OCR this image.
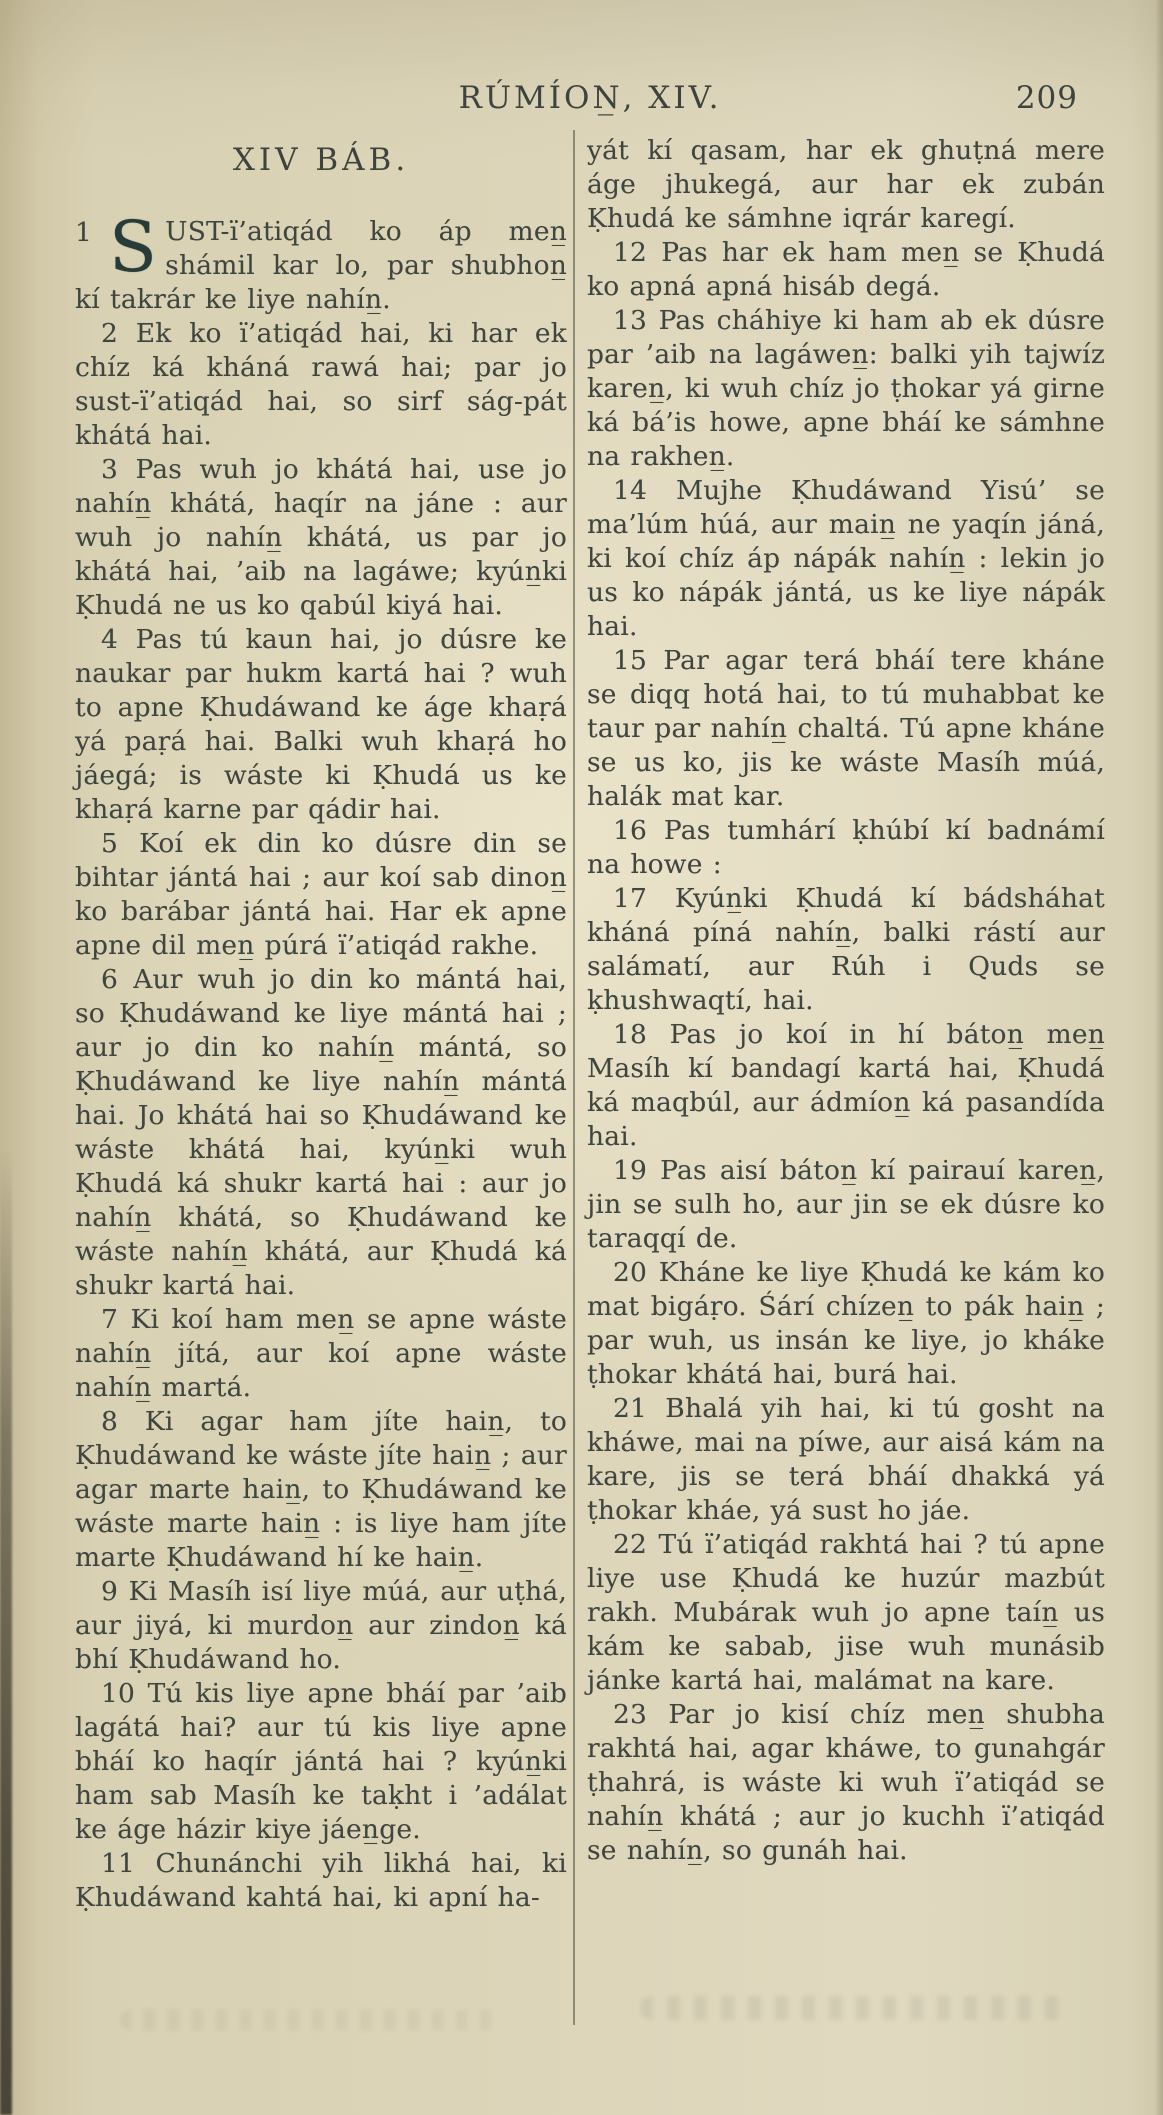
RÚMÍON̲, XIV.	209
XIV BÁB.

1 S UST-ï’atiqád ko áp men̲ shámil kar lo, par shubhon̲ kí takrár ke liye nahín̲.

2 Ek ko ï’atiqád hai, ki har ek chíz ká kháná rawá hai; par jo sust-ï’atiqád hai, so sirf ság-pát khátá hai.

3 Pas wuh jo khátá hai, use jo nahín̲ khátá, haqír na jáne : aur wuh jo nahín̲ khátá, us par jo khátá hai, ’aib na lagáwe; kyún̲ki Ḳhudá ne us ko qabúl kiyá hai.

4 Pas tú kaun hai, jo dúsre ke naukar par hukm kartá hai ? wuh to apne Ḳhudáwand ke áge khaṛá yá paṛá hai. Balki wuh khaṛá ho jáegá; is wáste ki Ḳhudá us ke khaṛá karne par qádir hai.

5 Koí ek din ko dúsre din se bihtar jántá hai ; aur koí sab dinon̲ ko barábar jántá hai. Har ek apne apne dil men̲ púrá ï’atiqád rakhe.

6 Aur wuh jo din ko mántá hai, so Ḳhudáwand ke liye mántá hai ; aur jo din ko nahín̲ mántá, so Ḳhudáwand ke liye nahín̲ mántá hai. Jo khátá hai so Ḳhudáwand ke wáste khátá hai, kyún̲ki wuh Ḳhudá ká shukr kartá hai : aur jo nahín̲ khátá, so Ḳhudáwand ke wáste nahín̲ khátá, aur Ḳhudá ká shukr kartá hai.

7 Ki koí ham men̲ se apne wáste nahín̲ jítá, aur koí apne wáste nahín̲ martá.

8 Ki agar ham jíte hain̲, to Ḳhudáwand ke wáste jíte hain̲ ; aur agar marte hain̲, to Ḳhudáwand ke wáste marte hain̲ : is liye ham jíte marte Ḳhudáwand hí ke hain̲.

9 Ki Masíh isí liye múá, aur uṭhá, aur jiyá, ki murdon̲ aur zindon̲ ká bhí Ḳhudáwand ho.

10 Tú kis liye apne bháí par ’aib lagátá hai? aur tú kis liye apne bháí ko haqír jántá hai ? kyún̲ki ham sab Masíh ke taḳht i ’adálat ke áge házir kiye jáen̲ge.

11 Chunánchi yih likhá hai, ki Ḳhudáwand kahtá hai, ki apní ha-

yát kí qasam, har ek ghuṭná mere áge jhukegá, aur har ek zubán Ḳhudá ke sámhne iqrár karegí.

12 Pas har ek ham men̲ se Ḳhudá ko apná apná hisáb degá.

13 Pas cháhiye ki ham ab ek dúsre par ’aib na lagáwen̲: balki yih tajwíz karen̲, ki wuh chíz jo ṭhokar yá girne ká bá’is howe, apne bháí ke sámhne na rakhen̲.

14 Mujhe Ḳhudáwand Yisú’ se ma’lúm húá, aur main̲ ne yaqín jáná, ki koí chíz áp nápák nahín̲ : lekin jo us ko nápák jántá, us ke liye nápák hai.

15 Par agar terá bháí tere kháne se diqq hotá hai, to tú muhabbat ke taur par nahín̲ chaltá. Tú apne kháne se us ko, jis ke wáste Masíh múá, halák mat kar.

16 Pas tumhárí ḳhúbí kí badnámí na howe :

17 Kyún̲ki Ḳhudá kí bádsháhat kháná píná nahín̲, balki rástí aur salámatí, aur Rúh i Quds se ḳhushwaqtí, hai.

18 Pas jo koí in hí báton̲ men̲ Masíh kí bandagí kartá hai, Ḳhudá ká maqbúl, aur ádmíon̲ ká pasandída hai.

19 Pas aisí báton̲ kí pairauí karen̲, jin se sulh ho, aur jin se ek dúsre ko taraqqí de.

20 Kháne ke liye Ḳhudá ke kám ko mat bigáṛo. Śárí chízen̲ to pák hain̲ ; par wuh, us insán ke liye, jo kháke ṭhokar khátá hai, burá hai.

21 Bhalá yih hai, ki tú gosht na kháwe, mai na píwe, aur aisá kám na kare, jis se terá bháí dhakká yá ṭhokar kháe, yá sust ho jáe.

22 Tú ï’atiqád rakhtá hai ? tú apne liye use Ḳhudá ke huzúr mazbút rakh. Mubárak wuh jo apne taín̲ us kám ke sabab, jise wuh munásib jánke kartá hai, malámat na kare.

23 Par jo kisí chíz men̲ shubha rakhtá hai, agar kháwe, to gunahgár ṭhahrá, is wáste ki wuh ï’atiqád se nahín̲ khátá ; aur jo kuchh ï’atiqád se nahín̲, so gunáh hai.
